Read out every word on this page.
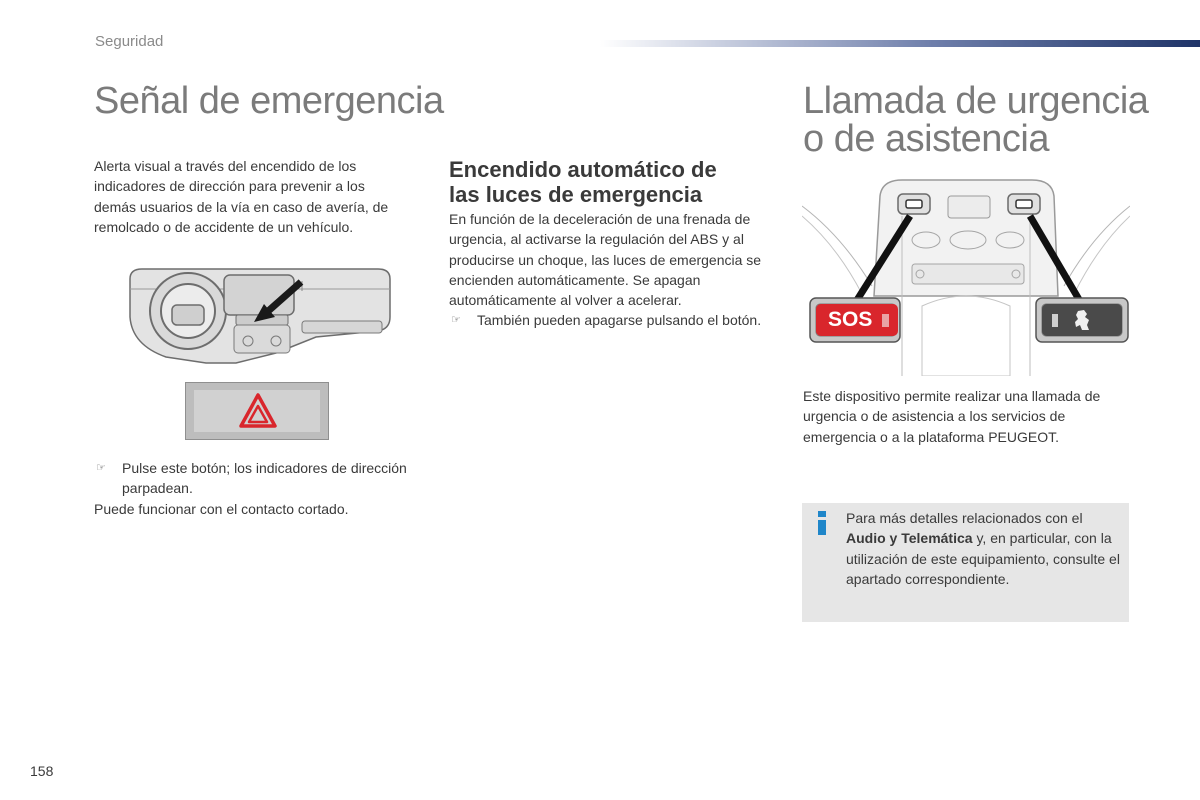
Seguridad
Señal de emergencia
Alerta visual a través del encendido de los indicadores de dirección para prevenir a los demás usuarios de la vía en caso de avería, de remolcado o de accidente de un vehículo.
☞ Pulse este botón; los indicadores de dirección parpadean.
Puede funcionar con el contacto cortado.
Encendido automático de
las luces de emergencia
En función de la deceleración de una frenada de urgencia, al activarse la regulación del ABS y al producirse un choque, las luces de emergencia se encienden automáticamente. Se apagan automáticamente al volver a acelerar.
☞ También pueden apagarse pulsando el botón.
Llamada de urgencia
o de asistencia
SOS
Este dispositivo permite realizar una llamada de urgencia o de asistencia a los servicios de emergencia o a la plataforma PEUGEOT.
Para más detalles relacionados con el Audio y Telemática y, en particular, con la utilización de este equipamiento, consulte el apartado correspondiente.
158
